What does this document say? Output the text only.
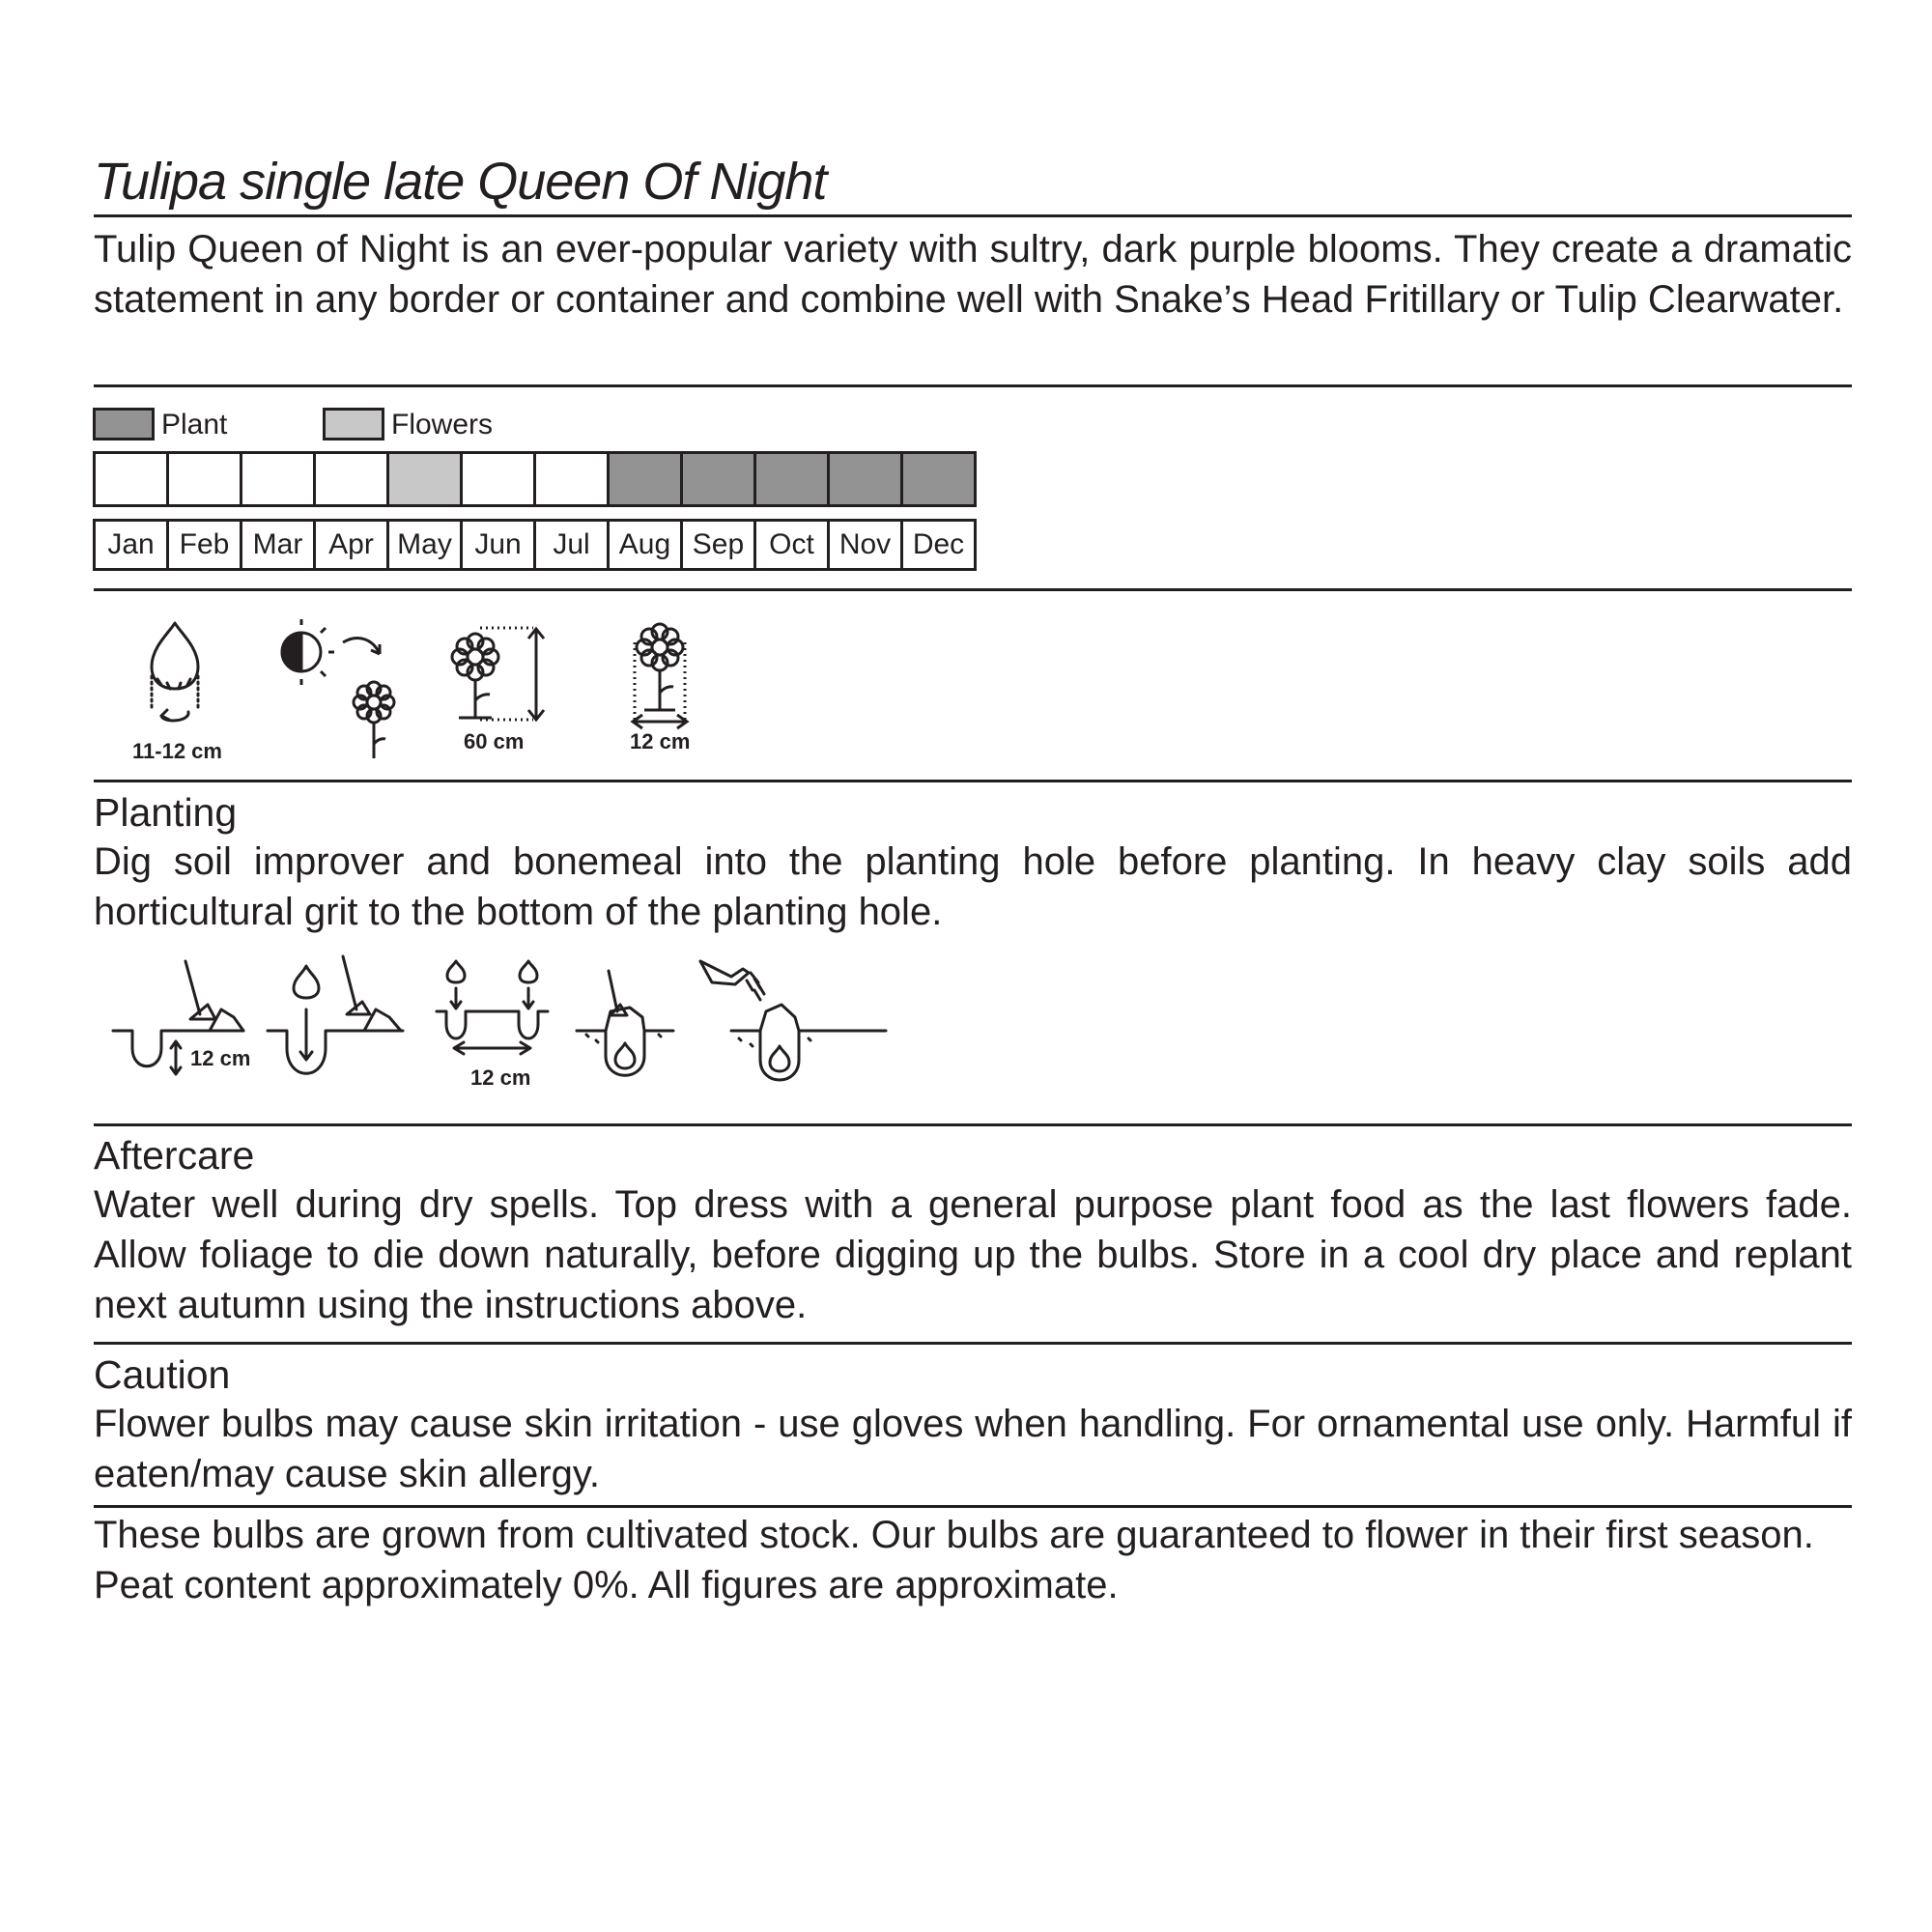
Tulipa single late Queen Of Night
Tulip Queen of Night is an ever-popular variety with sultry, dark purple blooms. They create a dramatic statement in any border or container and combine well with Snake’s Head Fritillary or Tulip Clearwater.
Plant	Flowers
Jan Feb Mar Apr May Jun	Jul	Aug Sep Oct Nov Dec
11-12 cm	60 cm	12 cm
Planting
Dig soil improver and bonemeal into the planting hole before planting. In heavy clay soils add horticultural grit to the bottom of the planting hole.
12 cm
12 cm
Aftercare
Water well during dry spells. Top dress with a general purpose plant food as the last flowers fade. Allow foliage to die down naturally, before digging up the bulbs. Store in a cool dry place and replant next autumn using the instructions above.
Caution
Flower bulbs may cause skin irritation - use gloves when handling. For ornamental use only. Harmful if eaten/may cause skin allergy.
These bulbs are grown from cultivated stock. Our bulbs are guaranteed to flower in their first season. Peat content approximately 0%. All figures are approximate.
